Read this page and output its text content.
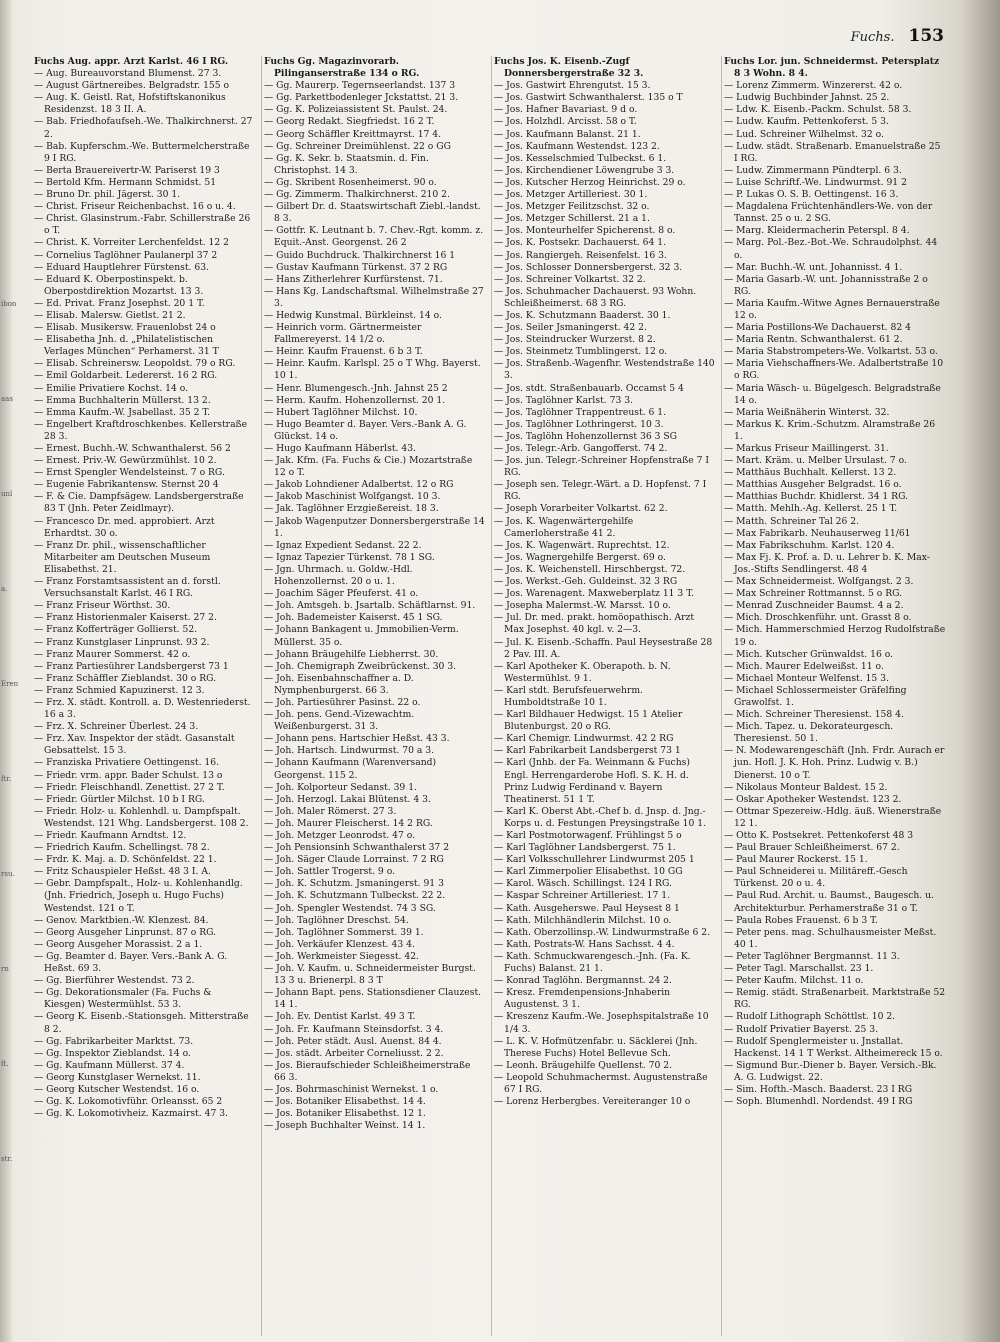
ibon
aas
unl
a.
Eren
ftr.
rsu.
rn
ft.
str.
Fuchs. 153
Fuchs Aug. appr. Arzt Karlst. 46 I RG.
— Aug. Bureauvorstand Blumenst. 27 3.
— August Gärtnereibes. Belgradstr. 155 o
— Aug. K. Geistl. Rat, Hofstiftskanonikus Residenzst. 18 3 II. A.
— Bab. Friedhofaufseh.-We. Thalkirchnerst. 27 2.
— Bab. Kupferschm.-We. Buttermelcherstraße 9 I RG.
— Berta Brauereivertr-W. Pariserst 19 3
— Bertold Kfm. Hermann Schmidst. 51
— Bruno Dr. phil. Jägerst. 30 1.
— Christ. Friseur Reichenbachst. 16 o u. 4.
— Christ. Glasinstrum.-Fabr. Schillerstraße 26 o T.
— Christ. K. Vorreiter Lerchenfeldst. 12 2
— Cornelius Taglöhner Paulanerpl 37 2
— Eduard Hauptlehrer Fürstenst. 63.
— Eduard K. Oberpostinspekt. b. Oberpostdirektion Mozartst. 13 3.
— Ed. Privat. Franz Josephst. 20 1 T.
— Elisab. Malersw. Gietlst. 21 2.
— Elisab. Musikersw. Frauenlobst 24 o
— Elisabetha Jnh. d. „Philatelistischen Verlages München“ Perhamerst. 31 T
— Elisab. Schreinersw. Leopoldst. 79 o RG.
— Emil Goldarbeit. Ledererst. 16 2 RG.
— Emilie Privatiere Kochst. 14 o.
— Emma Buchhalterin Müllerst. 13 2.
— Emma Kaufm.-W. Jsabellast. 35 2 T.
— Engelbert Kraftdroschkenbes. Kellerstraße 28 3.
— Ernest. Buchh.-W. Schwanthalerst. 56 2
— Ernest. Priv.-W. Gewürzmühlst. 10 2.
— Ernst Spengler Wendelsteinst. 7 o RG.
— Eugenie Fabrikantensw. Sternst 20 4
— F. & Cie. Dampfsägew. Landsbergerstraße 83 T (Jnh. Peter Zeidlmayr).
— Francesco Dr. med. approbiert. Arzt Erhardtst. 30 o.
— Franz Dr. phil., wissenschaftlicher Mitarbeiter am Deutschen Museum Elisabethst. 21.
— Franz Forstamtsassistent an d. forstl. Versuchsanstalt Karlst. 46 I RG.
— Franz Friseur Wörthst. 30.
— Franz Historienmaler Kaiserst. 27 2.
— Franz Kofferträger Gollierst. 52.
— Franz Kunstglaser Linprunst. 93 2.
— Franz Maurer Sommerst. 42 o.
— Franz Partiesührer Landsbergerst 73 1
— Franz Schäffler Zieblandst. 30 o RG.
— Franz Schmied Kapuzinerst. 12 3.
— Frz. X. städt. Kontroll. a. D. Westenriederst. 16 a 3.
— Frz. X. Schreiner Überlest. 24 3.
— Frz. Xav. Inspektor der städt. Gasanstalt Gebsattelst. 15 3.
— Franziska Privatiere Oettingenst. 16.
— Friedr. vrm. appr. Bader Schulst. 13 o
— Friedr. Fleischhandl. Zenettist. 27 2 T.
— Friedr. Gürtler Milchst. 10 b I RG.
— Friedr. Holz- u. Kohlenhdl. u. Dampfspalt. Westendst. 121 Whg. Landsbergerst. 108 2.
— Friedr. Kaufmann Arndtst. 12.
— Friedrich Kaufm. Schellingst. 78 2.
— Frdr. K. Maj. a. D. Schönfeldst. 22 1.
— Fritz Schauspieler Heßst. 48 3 I. A.
— Gebr. Dampfspalt., Holz- u. Kohlenhandlg. (Jnh. Friedrich, Joseph u. Hugo Fuchs) Westendst. 121 o T.
— Genov. Marktbien.-W. Klenzest. 84.
— Georg Ausgeher Linprunst. 87 o RG.
— Georg Ausgeher Morassist. 2 a 1.
— Gg. Beamter d. Bayer. Vers.-Bank A. G. Heßst. 69 3.
— Gg. Bierführer Westendst. 73 2.
— Gg. Dekorationsmaler (Fa. Fuchs & Kiesgen) Westermühlst. 53 3.
— Georg K. Eisenb.-Stationsgeh. Mitterstraße 8 2.
— Gg. Fabrikarbeiter Marktst. 73.
— Gg. Inspektor Zieblandst. 14 o.
— Gg. Kaufmann Müllerst. 37 4.
— Georg Kunstglaser Wernekst. 11.
— Georg Kutscher Westendst. 16 o.
— Gg. K. Lokomotivführ. Orleansst. 65 2
— Gg. K. Lokomotivheiz. Kazmairst. 47 3.
Fuchs Gg. Magazinvorarb. Pilinganserstraße 134 o RG.
— Gg. Maurerp. Tegernseerlandst. 137 3
— Gg. Parkettbodenleger Jckstattst. 21 3.
— Gg. K. Polizeiassistent St. Paulst. 24.
— Georg Redakt. Siegfriedst. 16 2 T.
— Georg Schäffler Kreittmayrst. 17 4.
— Gg. Schreiner Dreimühlenst. 22 o GG
— Gg. K. Sekr. b. Staatsmin. d. Fin. Christophst. 14 3.
— Gg. Skribent Rosenheimerst. 90 o.
— Gg. Zimmerm. Thalkirchnerst. 210 2.
— Gilbert Dr. d. Staatswirtschaft Ziebl.-landst. 8 3.
— Gottfr. K. Leutnant b. 7. Chev.-Rgt. komm. z. Equit.-Anst. Georgenst. 26 2
— Guido Buchdruck. Thalkirchnerst 16 1
— Gustav Kaufmann Türkenst. 37 2 RG
— Hans Zitherlehrer Kurfürstenst. 71.
— Hans Kg. Landschaftsmal. Wilhelmstraße 27 3.
— Hedwig Kunstmal. Bürkleinst. 14 o.
— Heinrich vorm. Gärtnermeister Fallmereyerst. 14 1/2 o.
— Heinr. Kaufm Frauenst. 6 b 3 T.
— Heinr. Kaufm. Karlspl. 25 o T Whg. Bayerst. 10 1.
— Henr. Blumengesch.-Jnh. Jahnst 25 2
— Herm. Kaufm. Hohenzollernst. 20 1.
— Hubert Taglöhner Milchst. 10.
— Hugo Beamter d. Bayer. Vers.-Bank A. G. Glückst. 14 o.
— Hugo Kaufmann Häberlst. 43.
— Jak. Kfm. (Fa. Fuchs & Cie.) Mozartstraße 12 o T.
— Jakob Lohndiener Adalbertst. 12 o RG
— Jakob Maschinist Wolfgangst. 10 3.
— Jak. Taglöhner Erzgießereist. 18 3.
— Jakob Wagenputzer Donnersbergerstraße 14 1.
— Ignaz Expedient Sedanst. 22 2.
— Ignaz Tapezier Türkenst. 78 1 SG.
— Jgn. Uhrmach. u. Goldw.-Hdl. Hohenzollernst. 20 o u. 1.
— Joachim Säger Pfeuferst. 41 o.
— Joh. Amtsgeh. b. Jsartalb. Schäftlarnst. 91.
— Joh. Bademeister Kaiserst. 45 1 SG.
— Johann Bankagent u. Jmmobilien-Verm. Müllerst. 35 o.
— Johann Bräugehilfe Liebherrst. 30.
— Joh. Chemigraph Zweibrückenst. 30 3.
— Joh. Eisenbahnschaffner a. D. Nymphenburgerst. 66 3.
— Joh. Partiesührer Pasinst. 22 o.
— Joh. pens. Gend.-Vizewachtm. Weißenburgerst. 31 3.
— Johann pens. Hartschier Heßst. 43 3.
— Joh. Hartsch. Lindwurmst. 70 a 3.
— Johann Kaufmann (Warenversand) Georgenst. 115 2.
— Joh. Kolporteur Sedanst. 39 1.
— Joh. Herzogl. Lakai Blütenst. 4 3.
— Joh. Maler Römerst. 27 3.
— Joh. Maurer Fleischerst. 14 2 RG.
— Joh. Metzger Leonrodst. 47 o.
— Joh Pensionsinh Schwanthalerst 37 2
— Joh. Säger Claude Lorrainst. 7 2 RG
— Joh. Sattler Trogerst. 9 o.
— Joh. K. Schutzm. Jsmaningerst. 91 3
— Joh. K. Schutzmann Tulbeckst. 22 2.
— Joh. Spengler Westendst. 74 3 SG.
— Joh. Taglöhner Dreschst. 54.
— Joh. Taglöhner Sommerst. 39 1.
— Joh. Verkäufer Klenzest. 43 4.
— Joh. Werkmeister Siegesst. 42.
— Joh. V. Kaufm. u. Schneidermeister Burgst. 13 3 u. Brienerpl. 8 3 T
— Johann Bapt. pens. Stationsdiener Clauzest. 14 1.
— Joh. Ev. Dentist Karlst. 49 3 T.
— Joh. Fr. Kaufmann Steinsdorfst. 3 4.
— Joh. Peter städt. Ausl. Auenst. 84 4.
— Jos. städt. Arbeiter Corneliusst. 2 2.
— Jos. Bieraufschieder Schleißheimerstraße 66 3.
— Jos. Bohrmaschinist Wernekst. 1 o.
— Jos. Botaniker Elisabethst. 14 4.
— Jos. Botaniker Elisabethst. 12 1.
— Joseph Buchhalter Weinst. 14 1.
Fuchs Jos. K. Eisenb.-Zugf Donnersbergerstraße 32 3.
— Jos. Gastwirt Ehrengutst. 15 3.
— Jos. Gastwirt Schwanthalerst. 135 o T
— Jos. Hafner Bavariast. 9 d o.
— Jos. Holzhdl. Arcisst. 58 o T.
— Jos. Kaufmann Balanst. 21 1.
— Jos. Kaufmann Westendst. 123 2.
— Jos. Kesselschmied Tulbeckst. 6 1.
— Jos. Kirchendiener Löwengrube 3 3.
— Jos. Kutscher Herzog Heinrichst. 29 o.
— Jos. Metzger Artilleriest. 30 1.
— Jos. Metzger Feilitzschst. 32 o.
— Jos. Metzger Schillerst. 21 a 1.
— Jos. Monteurhelfer Spicherenst. 8 o.
— Jos. K. Postsekr. Dachauerst. 64 1.
— Jos. Rangiergeh. Reisenfelst. 16 3.
— Jos. Schlosser Donnersbergerst. 32 3.
— Jos. Schreiner Volkartst. 32 2.
— Jos. Schuhmacher Dachauerst. 93 Wohn. Schleißheimerst. 68 3 RG.
— Jos. K. Schutzmann Baaderst. 30 1.
— Jos. Seiler Jsmaningerst. 42 2.
— Jos. Steindrucker Wurzerst. 8 2.
— Jos. Steinmetz Tumblingerst. 12 o.
— Jos. Straßenb.-Wagenfhr. Westendstraße 140 3.
— Jos. stdt. Straßenbauarb. Occamst 5 4
— Jos. Taglöhner Karlst. 73 3.
— Jos. Taglöhner Trappentreust. 6 1.
— Jos. Taglöhner Lothringerst. 10 3.
— Jos. Taglöhn Hohenzollernst 36 3 SG
— Jos. Telegr.-Arb. Gangofferst. 74 2.
— Jos. jun. Telegr.-Schreiner Hopfenstraße 7 I RG.
— Joseph sen. Telegr.-Wärt. a D. Hopfenst. 7 I RG.
— Joseph Vorarbeiter Volkartst. 62 2.
— Jos. K. Wagenwärtergehilfe Camerloherstraße 41 2.
— Jos. K. Wagenwärt. Ruprechtst. 12.
— Jos. Wagnergehilfe Bergerst. 69 o.
— Jos. K. Weichenstell. Hirschbergst. 72.
— Jos. Werkst.-Geh. Guldeinst. 32 3 RG
— Jos. Warenagent. Maxweberplatz 11 3 T.
— Josepha Malermst.-W. Marsst. 10 o.
— Jul. Dr. med. prakt. homöopathisch. Arzt Max Josephst. 40 kgl. v. 2—3.
— Jul. K. Eisenb.-Schaffn. Paul Heysestraße 28 2 Pav. III. A.
— Karl Apotheker K. Oberapoth. b. N. Westermühlst. 9 1.
— Karl stdt. Berufsfeuerwehrm. Humboldtstraße 10 1.
— Karl Bildhauer Hedwigst. 15 1 Atelier Blutenburgst. 20 o RG.
— Karl Chemigr. Lindwurmst. 42 2 RG
— Karl Fabrikarbeit Landsbergerst 73 1
— Karl (Jnhb. der Fa. Weinmann & Fuchs) Engl. Herrengarderobe Hofl. S. K. H. d. Prinz Ludwig Ferdinand v. Bayern Theatinerst. 51 1 T.
— Karl K. Oberst Abt.-Chef b. d. Jnsp. d. Jng.-Korps u. d. Festungen Preysingstraße 10 1.
— Karl Postmotorwagenf. Frühlingst 5 o
— Karl Taglöhner Landsbergerst. 75 1.
— Karl Volksschullehrer Lindwurmst 205 1
— Karl Zimmerpolier Elisabethst. 10 GG
— Karol. Wäsch. Schillingst. 124 I RG.
— Kaspar Schreiner Artilleriest. 17 1.
— Kath. Ausgeherswe. Paul Heysest 8 1
— Kath. Milchhändlerin Milchst. 10 o.
— Kath. Oberzollinsp.-W. Lindwurmstraße 6 2.
— Kath. Postrats-W. Hans Sachsst. 4 4.
— Kath. Schmuckwarengesch.-Jnh. (Fa. K. Fuchs) Balanst. 21 1.
— Konrad Taglöhn. Bergmannst. 24 2.
— Kresz. Fremdenpensions-Jnhaberin Augustenst. 3 1.
— Kreszenz Kaufm.-We. Josephspitalstraße 10 1/4 3.
— L. K. V. Hofmützenfabr. u. Säcklerei (Jnh. Therese Fuchs) Hotel Bellevue Sch.
— Leonh. Bräugehilfe Quellenst. 70 2.
— Leopold Schuhmachermst. Augustenstraße 67 I RG.
— Lorenz Herbergbes. Vereiteranger 10 o
Fuchs Lor. jun. Schneidermst. Petersplatz 8 3 Wohn. 8 4.
— Lorenz Zimmerm. Winzererst. 42 o.
— Ludwig Buchbinder Jahnst. 25 2.
— Ldw. K. Eisenb.-Packm. Schulst. 58 3.
— Ludw. Kaufm. Pettenkoferst. 5 3.
— Lud. Schreiner Wilhelmst. 32 o.
— Ludw. städt. Straßenarb. Emanuelstraße 25 I RG.
— Ludw. Zimmermann Pündterpl. 6 3.
— Luise Schriftf.-We. Lindwurmst. 91 2
— P. Lukas O. S. B. Oettingenst. 16 3.
— Magdalena Früchtenhändlers-We. von der Tannst. 25 o u. 2 SG.
— Marg. Kleidermacherin Peterspl. 8 4.
— Marg. Pol.-Bez.-Bot.-We. Schraudolphst. 44 o.
— Mar. Buchh.-W. unt. Johannisst. 4 1.
— Maria Gasarb.-W. unt. Johannisstraße 2 o RG.
— Maria Kaufm.-Witwe Agnes Bernauerstraße 12 o.
— Maria Postillons-We Dachauerst. 82 4
— Maria Rentn. Schwanthalerst. 61 2.
— Maria Stabstrompeters-We. Volkartst. 53 o.
— Maria Viehschaffners-We. Adalbertstraße 10 o RG.
— Maria Wäsch- u. Bügelgesch. Belgradstraße 14 o.
— Maria Weißnäherin Winterst. 32.
— Markus K. Krim.-Schutzm. Alramstraße 26 1.
— Markus Friseur Maillingerst. 31.
— Mart. Kräm. u. Melber Ursulast. 7 o.
— Matthäus Buchhalt. Kellerst. 13 2.
— Matthias Ausgeher Belgradst. 16 o.
— Matthias Buchdr. Khidlerst. 34 1 RG.
— Matth. Mehlh.-Ag. Kellerst. 25 1 T.
— Matth. Schreiner Tal 26 2.
— Max Fabrikarb. Neuhauserweg 11/61
— Max Fabrikschuhm. Karlst. 120 4.
— Max Fj. K. Prof. a. D. u. Lehrer b. K. Max-Jos.-Stifts Sendlingerst. 48 4
— Max Schneidermeist. Wolfgangst. 2 3.
— Max Schreiner Rottmannst. 5 o RG.
— Menrad Zuschneider Baumst. 4 a 2.
— Mich. Droschkenführ. unt. Grasst 8 o.
— Mich. Hammerschmied Herzog Rudolfstraße 19 o.
— Mich. Kutscher Grünwaldst. 16 o.
— Mich. Maurer Edelweißst. 11 o.
— Michael Monteur Welfenst. 15 3.
— Michael Schlossermeister Gräfelfing Grawolfst. 1.
— Mich. Schreiner Theresienst. 158 4.
— Mich. Tapez. u. Dekorateurgesch. Theresienst. 50 1.
— N. Modewarengeschäft (Jnh. Frdr. Aurach er jun. Hofl. J. K. Hoh. Prinz. Ludwig v. B.) Dienerst. 10 o T.
— Nikolaus Monteur Baldest. 15 2.
— Oskar Apotheker Westendst. 123 2.
— Ottmar Spezereiw.-Hdlg. äuß. Wienerstraße 12 1.
— Otto K. Postsekret. Pettenkoferst 48 3
— Paul Brauer Schleißheimerst. 67 2.
— Paul Maurer Rockerst. 15 1.
— Paul Schneiderei u. Militäreff.-Gesch Türkenst. 20 o u. 4.
— Paul Rud. Archit. u. Baumst., Baugesch. u. Architekturbur. Perhamerstraße 31 o T.
— Paula Robes Frauenst. 6 b 3 T.
— Peter pens. mag. Schulhausmeister Meßst. 40 1.
— Peter Taglöhner Bergmannst. 11 3.
— Peter Tagl. Marschallst. 23 1.
— Peter Kaufm. Milchst. 11 o.
— Remig. städt. Straßenarbeit. Marktstraße 52 RG.
— Rudolf Lithograph Schöttlst. 10 2.
— Rudolf Privatier Bayerst. 25 3.
— Rudolf Spenglermeister u. Jnstallat. Hackenst. 14 1 T Werkst. Altheimereck 15 o.
— Sigmund Bur.-Diener b. Bayer. Versich.-Bk. A. G. Ludwigst. 22.
— Sim. Hofth.-Masch. Baaderst. 23 I RG
— Soph. Blumenhdl. Nordendst. 49 I RG
